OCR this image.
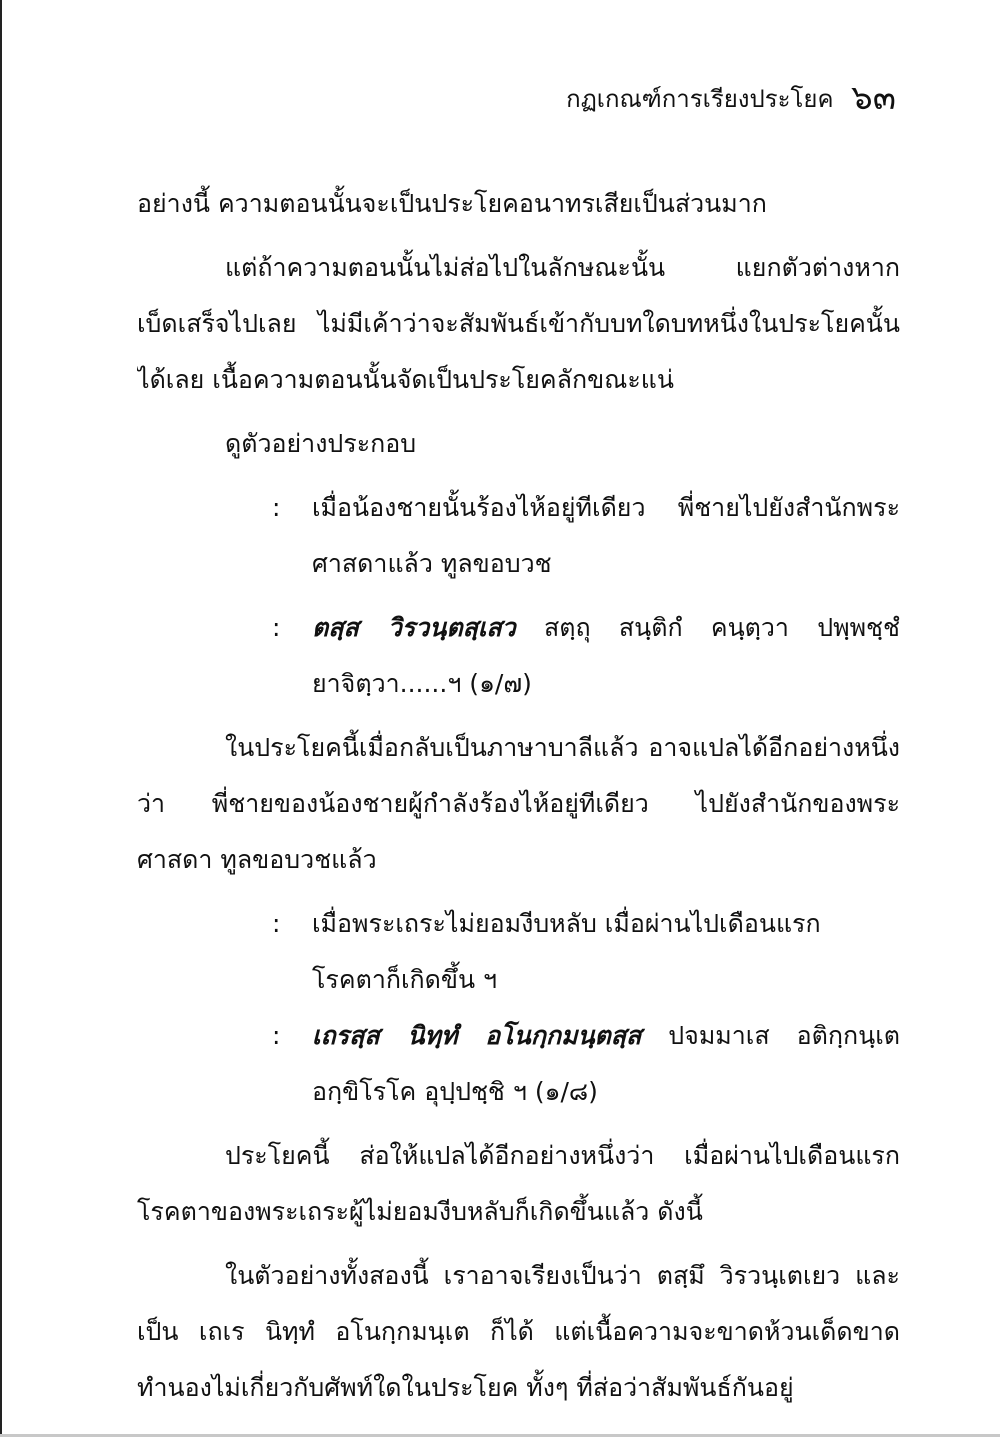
กฏเกณฑ์การเรียงประโยค ๖๓
อย่างนี้ ความตอนนั้นจะเป็นประโยคอนาทรเสียเป็นส่วนมาก
แต่ถ้าความตอนนั้นไม่ส่อไปในลักษณะนั้น แยกตัวต่างหาก
เบ็ดเสร็จไปเลย ไม่มีเค้าว่าจะสัมพันธ์เข้ากับบทใดบทหนึ่งในประโยคนั้น
ได้เลย เนื้อความตอนนั้นจัดเป็นประโยคลักขณะแน่
ดูตัวอย่างประกอบ
: เมื่อน้องชายนั้นร้องไห้อยู่ทีเดียว พี่ชายไปยังสำนักพระ
ศาสดาแล้ว ทูลขอบวช
: ตสฺส วิรวนฺตสฺเสว สตฺถุ สนฺติกํ คนฺตฺวา ปพฺพชฺชํ
ยาจิตฺวา......ฯ (๑/๗)
ในประโยคนี้เมื่อกลับเป็นภาษาบาลีแล้ว อาจแปลได้อีกอย่างหนึ่ง
ว่า พี่ชายของน้องชายผู้กำลังร้องไห้อยู่ทีเดียว ไปยังสำนักของพระ
ศาสดา ทูลขอบวชแล้ว
: เมื่อพระเถระไม่ยอมงีบหลับ เมื่อผ่านไปเดือนแรก
โรคตาก็เกิดขึ้น ฯ
: เถรสฺส นิทฺทํ อโนกฺกมนฺตสฺส ปจมมาเส อติกฺกนฺเต
อกฺขิโรโค อุปฺปชฺชิ ฯ (๑/๘)
ประโยคนี้ ส่อให้แปลได้อีกอย่างหนึ่งว่า เมื่อผ่านไปเดือนแรก
โรคตาของพระเถระผู้ไม่ยอมงีบหลับก็เกิดขึ้นแล้ว ดังนี้
ในตัวอย่างทั้งสองนี้ เราอาจเรียงเป็นว่า ตสฺมึ วิรวนฺเตเยว และ
เป็น เถเร นิทฺทํ อโนกฺกมนฺเต ก็ได้ แต่เนื้อความจะขาดห้วนเด็ดขาด
ทำนองไม่เกี่ยวกับศัพท์ใดในประโยค ทั้งๆ ที่ส่อว่าสัมพันธ์กันอยู่
